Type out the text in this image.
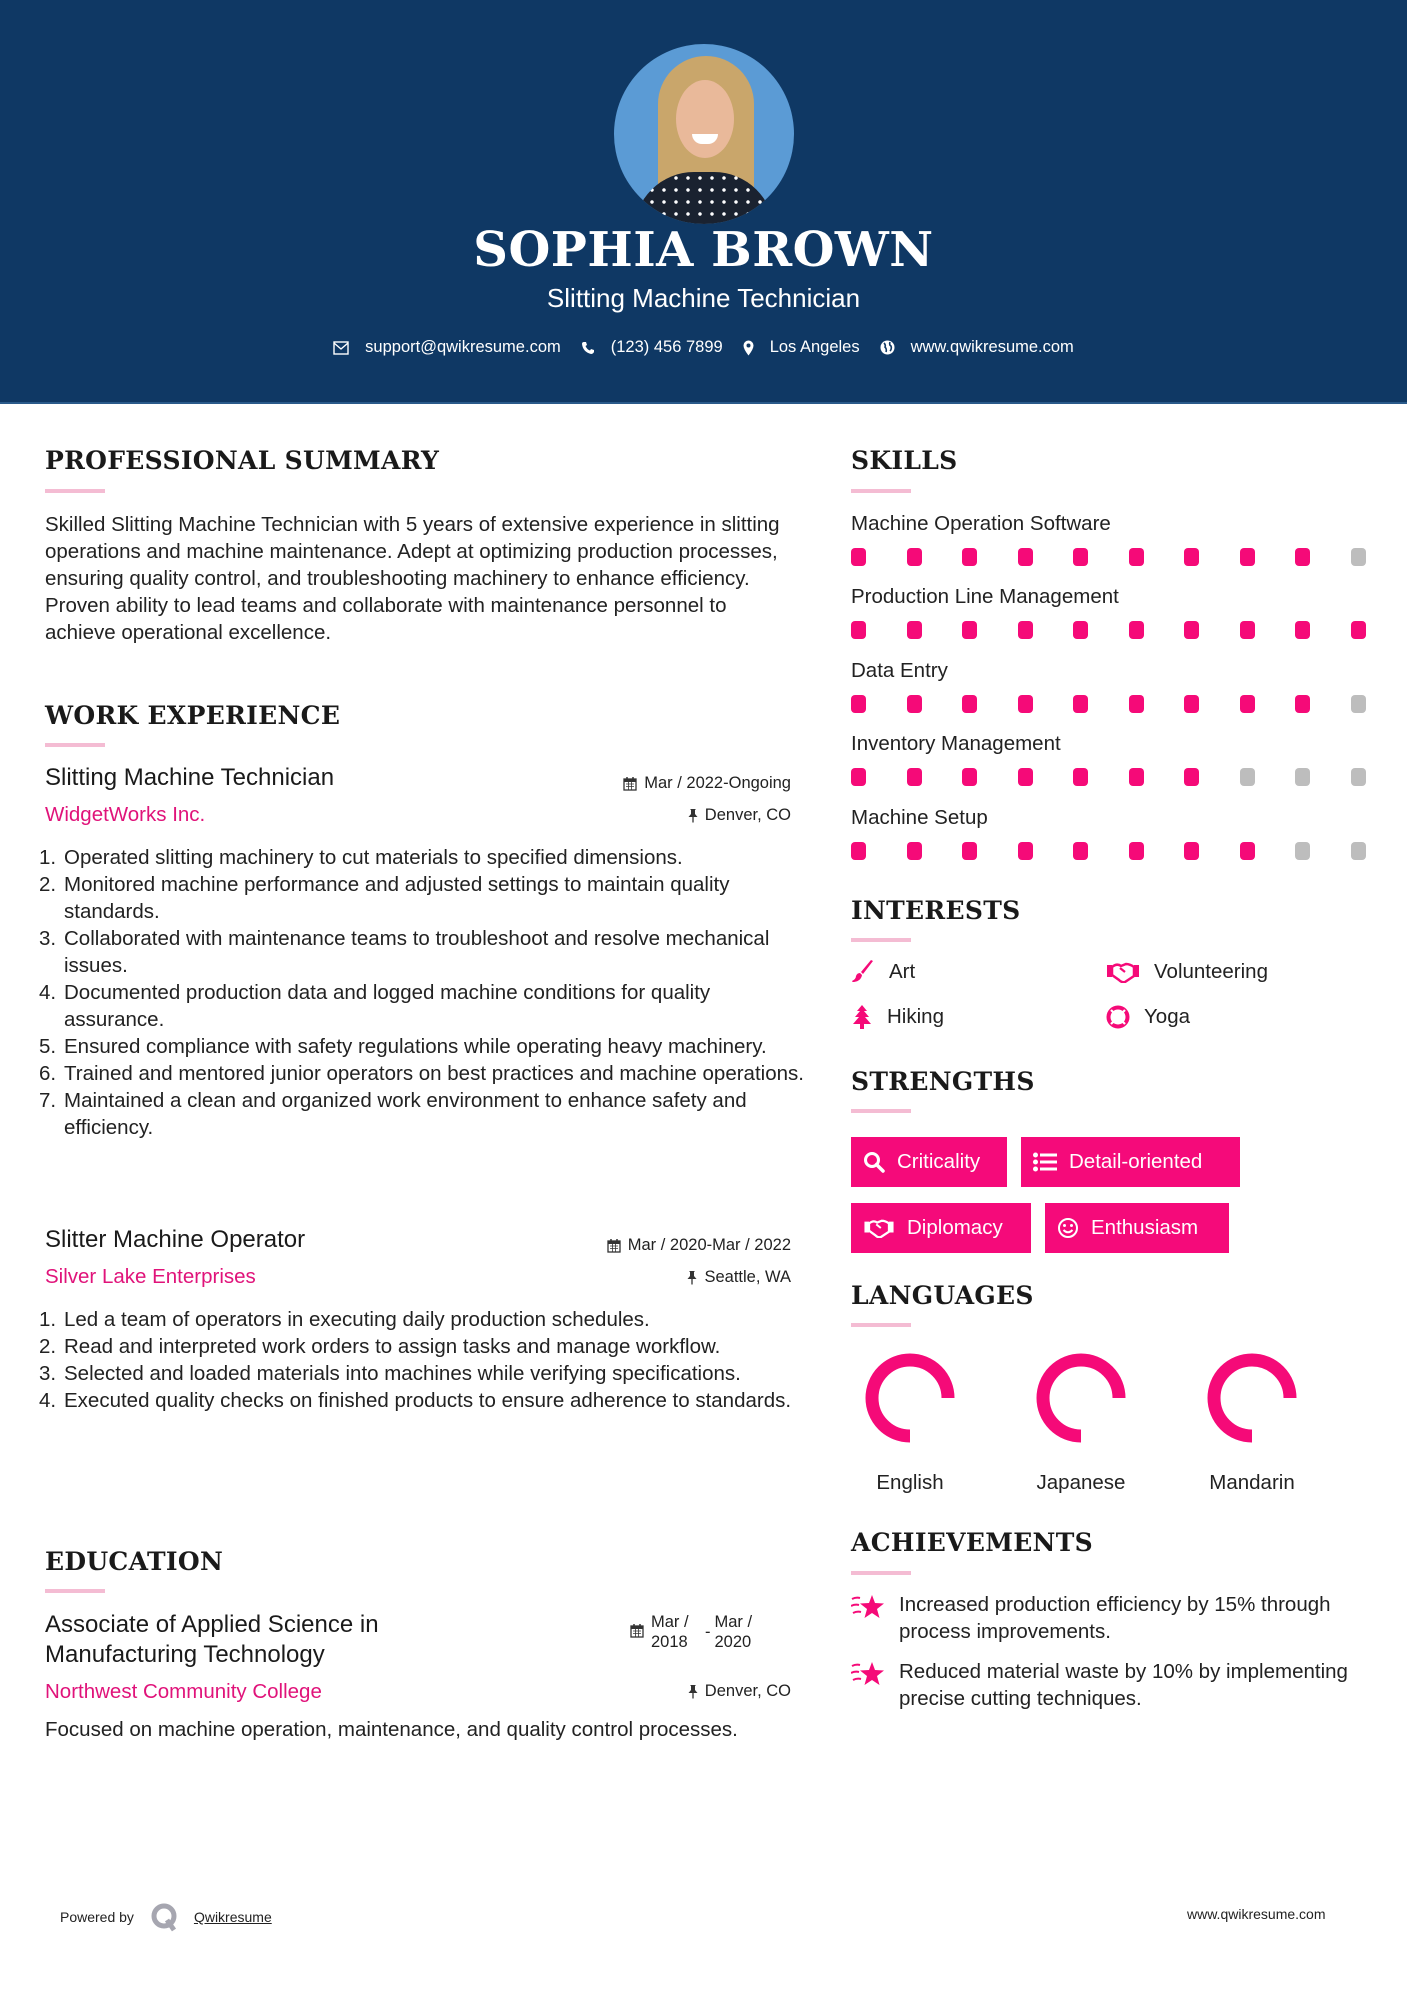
SOPHIA BROWN
Slitting Machine Technician
support@qwikresume.com	(123) 456 7899	Los Angeles	www.qwikresume.com
PROFESSIONAL SUMMARY
Skilled Slitting Machine Technician with 5 years of extensive experience in slitting operations and machine maintenance. Adept at optimizing production processes, ensuring quality control, and troubleshooting machinery to enhance efficiency. Proven ability to lead teams and collaborate with maintenance personnel to achieve operational excellence.
WORK EXPERIENCE
Slitting Machine Technician	Mar / 2022-Ongoing
WidgetWorks Inc.	Denver, CO
1. Operated slitting machinery to cut materials to specified dimensions.
2. Monitored machine performance and adjusted settings to maintain quality standards.
3. Collaborated with maintenance teams to troubleshoot and resolve mechanical issues.
4. Documented production data and logged machine conditions for quality assurance.
5. Ensured compliance with safety regulations while operating heavy machinery.
6. Trained and mentored junior operators on best practices and machine operations.
7. Maintained a clean and organized work environment to enhance safety and efficiency.
Slitter Machine Operator	Mar / 2020-Mar / 2022
Silver Lake Enterprises	Seattle, WA
1. Led a team of operators in executing daily production schedules.
2. Read and interpreted work orders to assign tasks and manage workflow.
3. Selected and loaded materials into machines while verifying specifications.
4. Executed quality checks on finished products to ensure adherence to standards.
EDUCATION
Associate of Applied Science in Manufacturing Technology
Mar / 2018
-
Mar / 2020
Northwest Community College	Denver, CO
Focused on machine operation, maintenance, and quality control processes.
SKILLS
Machine Operation Software
Production Line Management
Data Entry
Inventory Management
Machine Setup
INTERESTS
Art	Volunteering
Hiking	Yoga
STRENGTHS
Criticality	Detail-oriented
Diplomacy	Enthusiasm
LANGUAGES
English	Japanese	Mandarin
ACHIEVEMENTS
Increased production efficiency by 15% through process improvements.
Reduced material waste by 10% by implementing precise cutting techniques.
Powered by	Qwikresume	www.qwikresume.com
